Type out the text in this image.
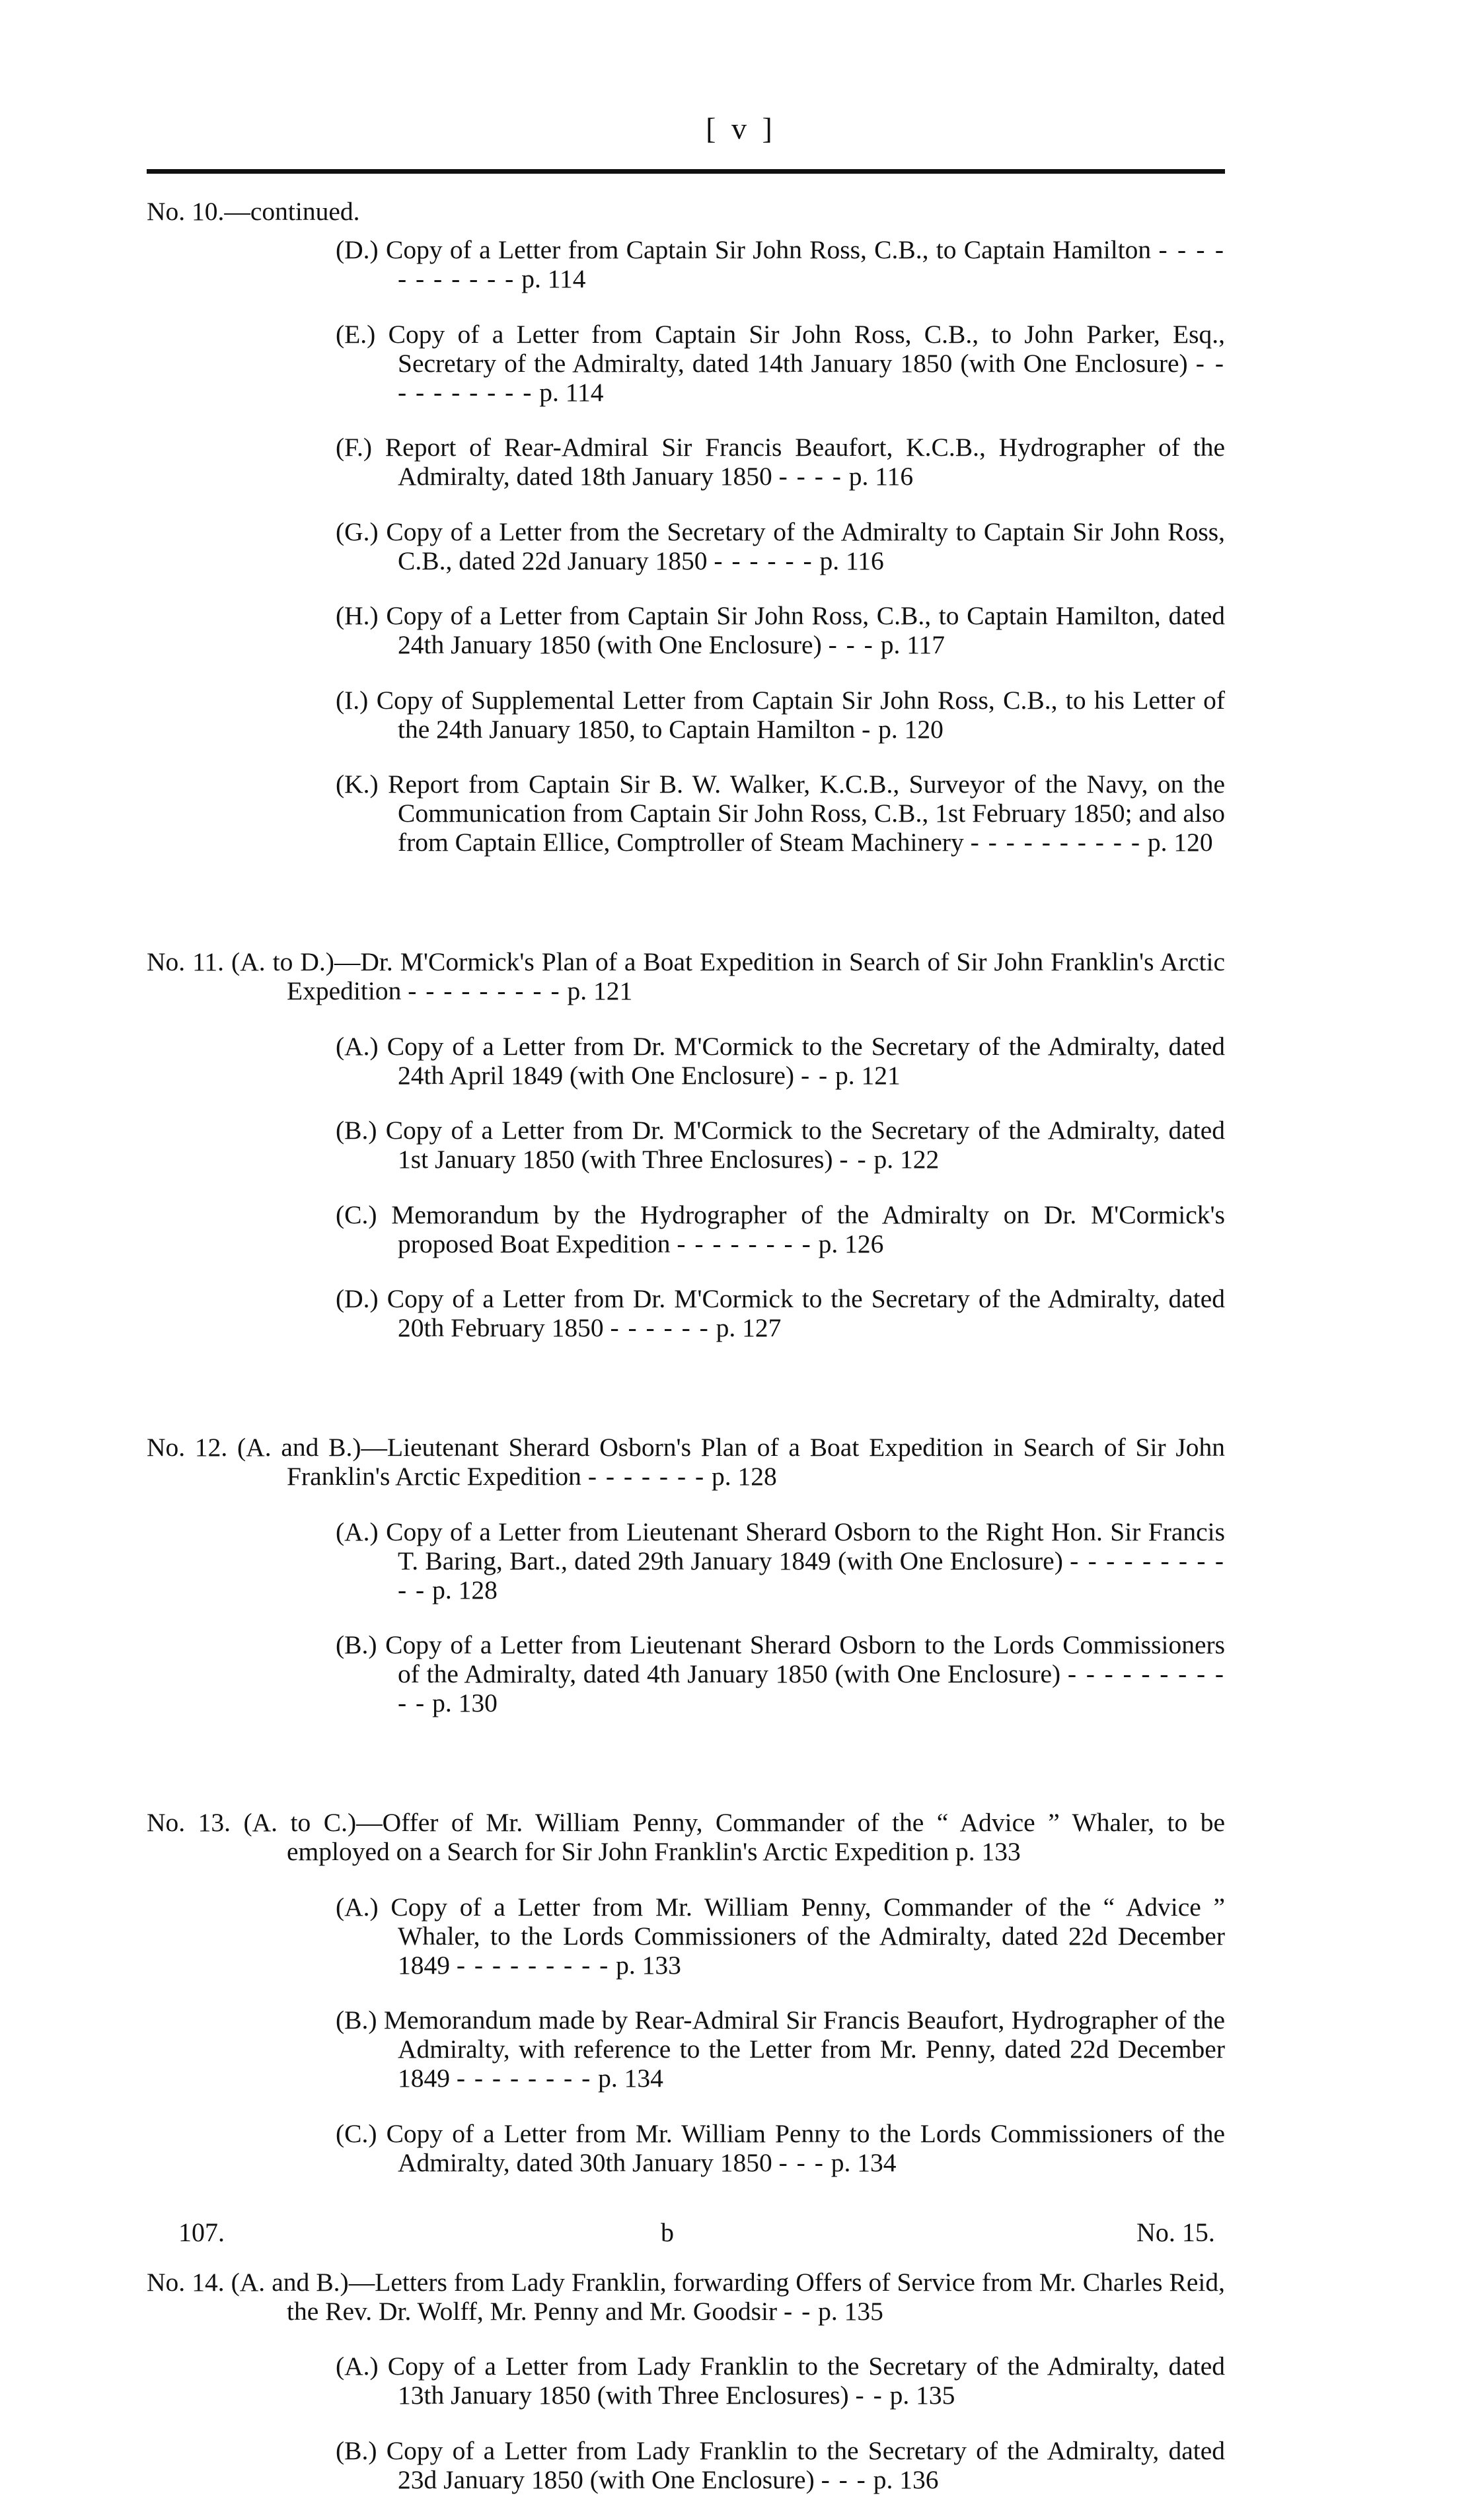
[ v ]

No. 10.—continued.

(D.) Copy of a Letter from Captain Sir John Ross, C.B., to Captain Hamilton - - - - - - - - - - - p. 114

(E.) Copy of a Letter from Captain Sir John Ross, C.B., to John Parker, Esq., Secretary of the Admiralty, dated 14th January 1850 (with One Enclosure) - - - - - - - - - - p. 114

(F.) Report of Rear-Admiral Sir Francis Beaufort, K.C.B., Hydrographer of the Admiralty, dated 18th January 1850 - - - - p. 116

(G.) Copy of a Letter from the Secretary of the Admiralty to Captain Sir John Ross, C.B., dated 22d January 1850 - - - - - - p. 116

(H.) Copy of a Letter from Captain Sir John Ross, C.B., to Captain Hamilton, dated 24th January 1850 (with One Enclosure) - - - p. 117

(I.) Copy of Supplemental Letter from Captain Sir John Ross, C.B., to his Letter of the 24th January 1850, to Captain Hamilton - p. 120

(K.) Report from Captain Sir B. W. Walker, K.C.B., Surveyor of the Navy, on the Communication from Captain Sir John Ross, C.B., 1st February 1850; and also from Captain Ellice, Comptroller of Steam Machinery - - - - - - - - - - p. 120

No. 11. (A. to D.)—Dr. M'Cormick's Plan of a Boat Expedition in Search of Sir John Franklin's Arctic Expedition - - - - - - - - - p. 121

(A.) Copy of a Letter from Dr. M'Cormick to the Secretary of the Admiralty, dated 24th April 1849 (with One Enclosure) - - p. 121

(B.) Copy of a Letter from Dr. M'Cormick to the Secretary of the Admiralty, dated 1st January 1850 (with Three Enclosures) - - p. 122

(C.) Memorandum by the Hydrographer of the Admiralty on Dr. M'Cormick's proposed Boat Expedition - - - - - - - - p. 126

(D.) Copy of a Letter from Dr. M'Cormick to the Secretary of the Admiralty, dated 20th February 1850 - - - - - - p. 127

No. 12. (A. and B.)—Lieutenant Sherard Osborn's Plan of a Boat Expedition in Search of Sir John Franklin's Arctic Expedition - - - - - - - p. 128

(A.) Copy of a Letter from Lieutenant Sherard Osborn to the Right Hon. Sir Francis T. Baring, Bart., dated 29th January 1849 (with One Enclosure) - - - - - - - - - - - p. 128

(B.) Copy of a Letter from Lieutenant Sherard Osborn to the Lords Commissioners of the Admiralty, dated 4th January 1850 (with One Enclosure) - - - - - - - - - - - p. 130

No. 13. (A. to C.)—Offer of Mr. William Penny, Commander of the “ Advice ” Whaler, to be employed on a Search for Sir John Franklin's Arctic Expedition p. 133

(A.) Copy of a Letter from Mr. William Penny, Commander of the “ Advice ” Whaler, to the Lords Commissioners of the Admiralty, dated 22d December 1849 - - - - - - - - - p. 133

(B.) Memorandum made by Rear-Admiral Sir Francis Beaufort, Hydrographer of the Admiralty, with reference to the Letter from Mr. Penny, dated 22d December 1849 - - - - - - - - p. 134

(C.) Copy of a Letter from Mr. William Penny to the Lords Commissioners of the Admiralty, dated 30th January 1850 - - - p. 134

No. 14. (A. and B.)—Letters from Lady Franklin, forwarding Offers of Service from Mr. Charles Reid, the Rev. Dr. Wolff, Mr. Penny and Mr. Goodsir - - p. 135

(A.) Copy of a Letter from Lady Franklin to the Secretary of the Admiralty, dated 13th January 1850 (with Three Enclosures) - - p. 135

(B.) Copy of a Letter from Lady Franklin to the Secretary of the Admiralty, dated 23d January 1850 (with One Enclosure) - - - p. 136

107.	b	No. 15.
